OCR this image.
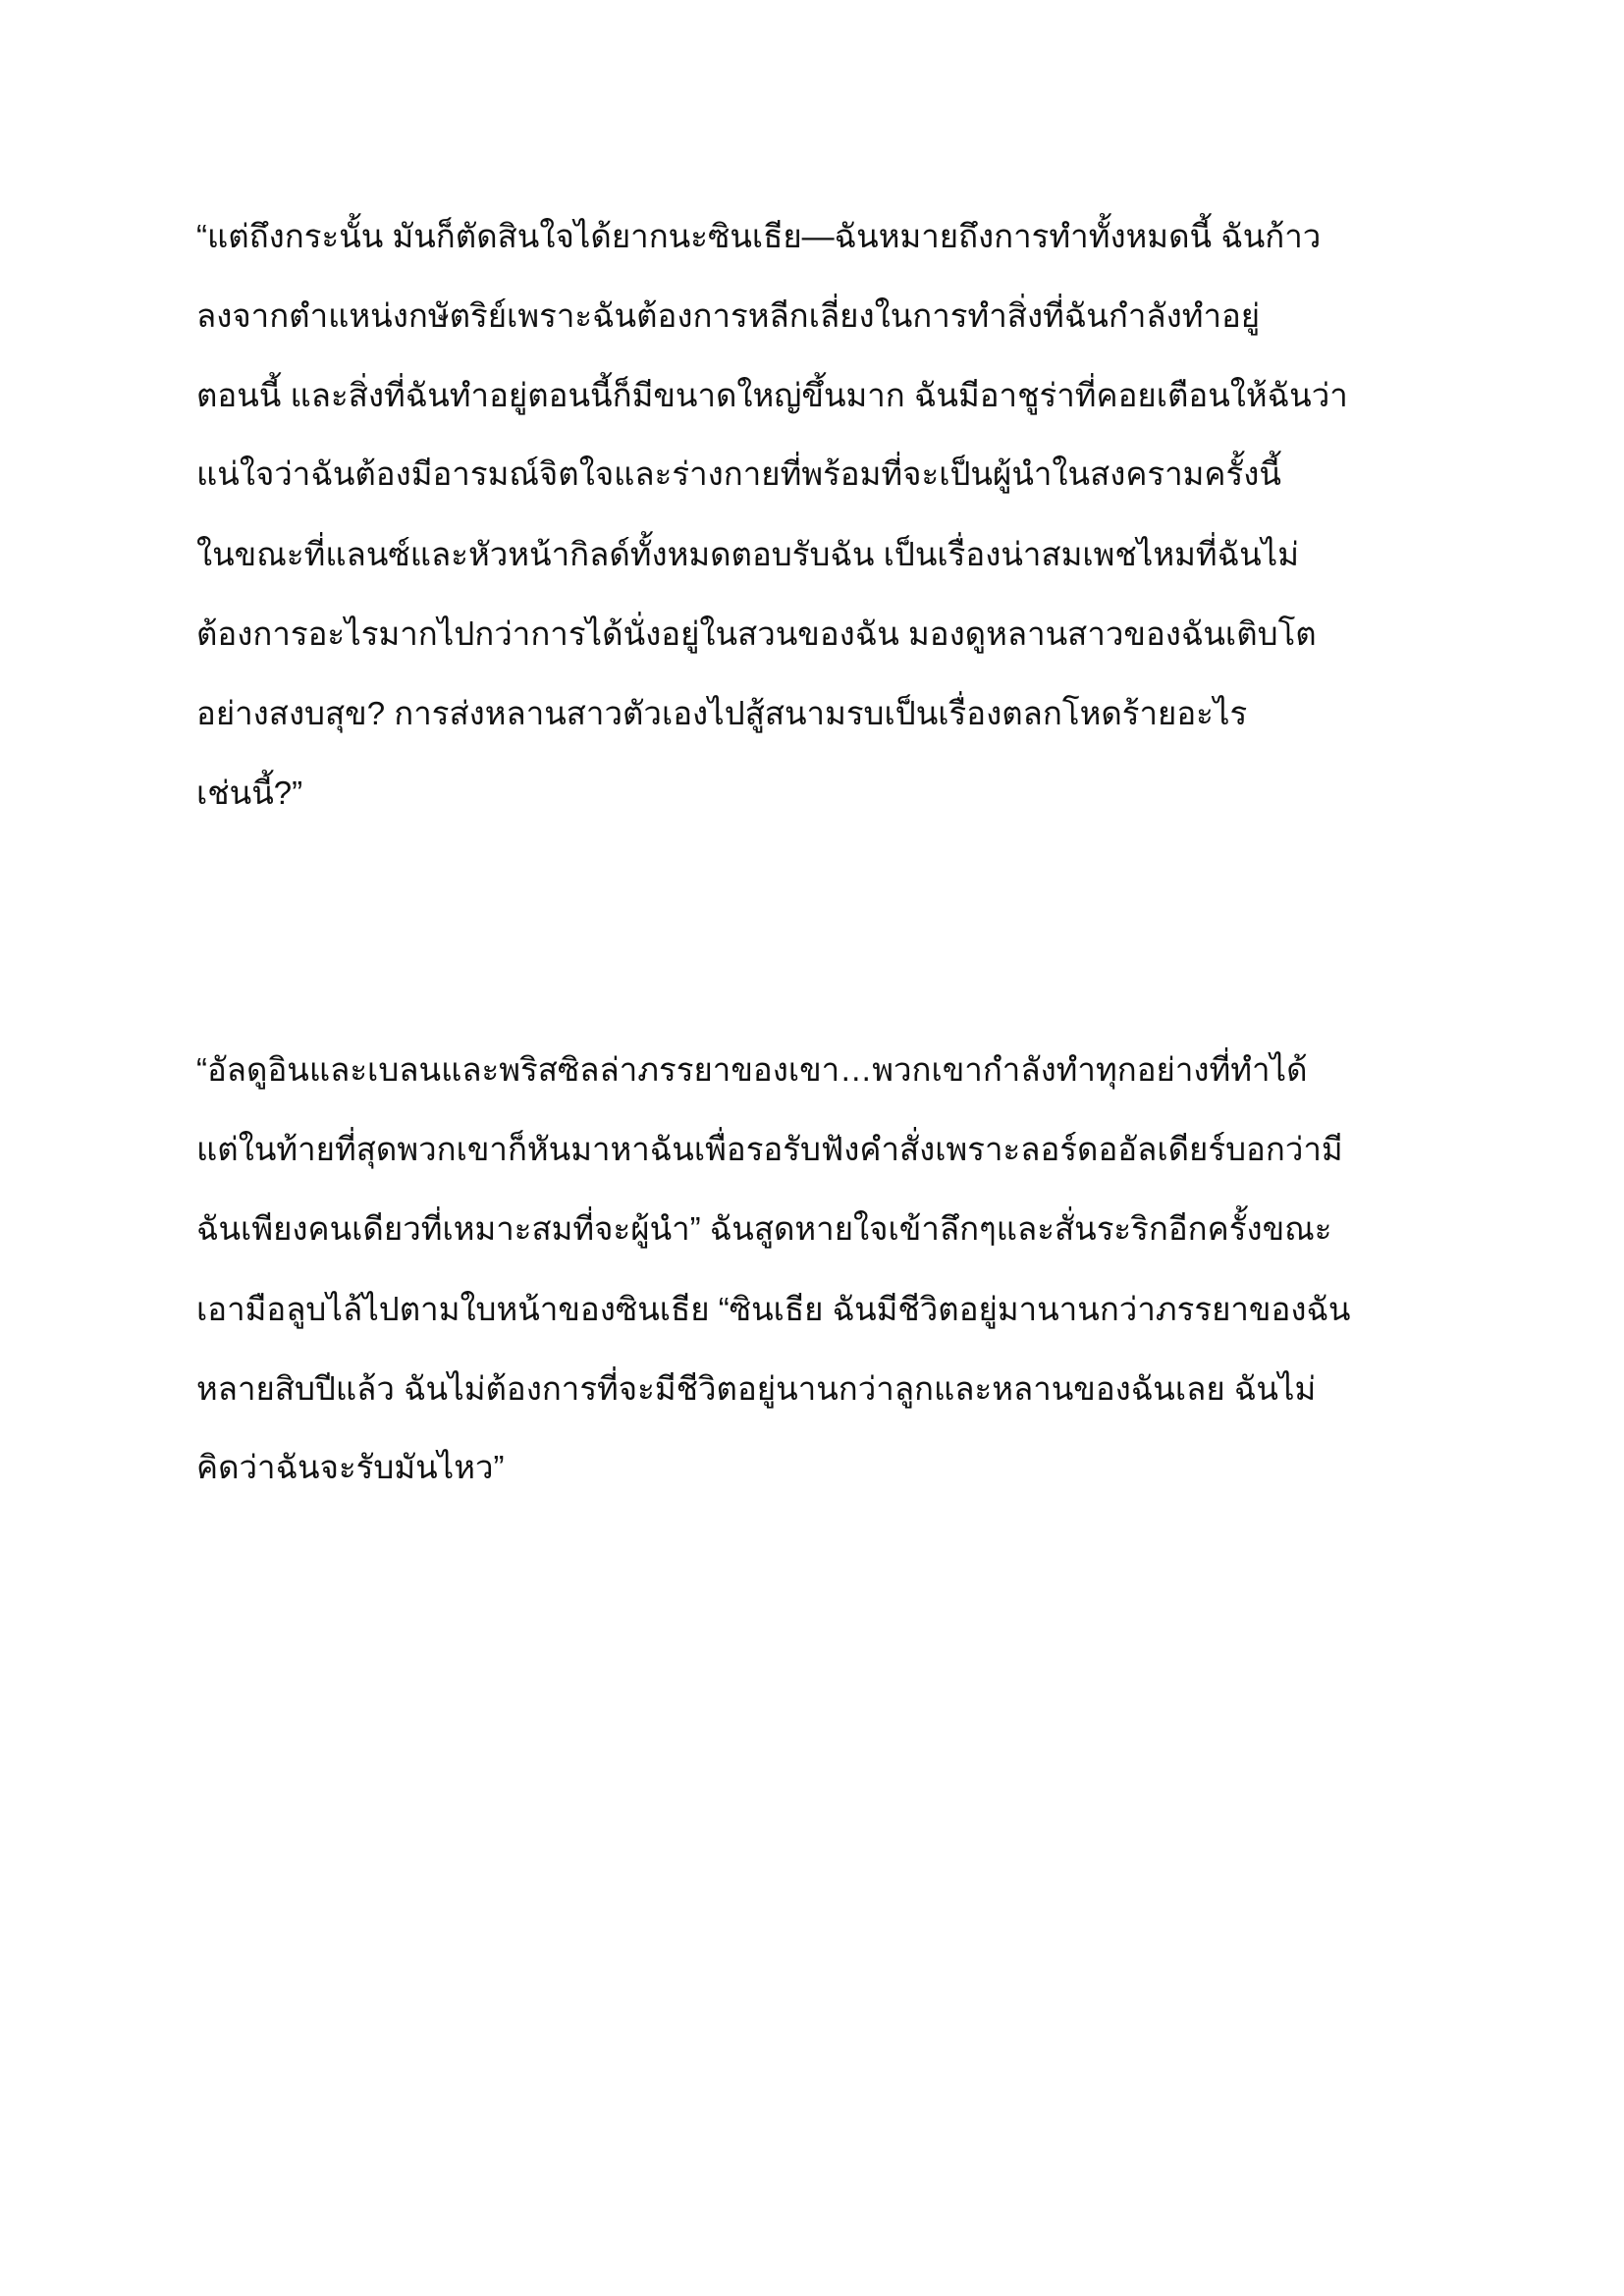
“แต่ถึงกระนั้น มันก็ตัดสินใจได้ยากนะซินเธีย—ฉันหมายถึงการทำทั้งหมดนี้ ฉันก้าว

ลงจากตำแหน่งกษัตริย์เพราะฉันต้องการหลีกเลี่ยงในการทำสิ่งที่ฉันกำลังทำอยู่

ตอนนี้ และสิ่งที่ฉันทำอยู่ตอนนี้ก็มีขนาดใหญ่ขึ้นมาก ฉันมีอาชูร่าที่คอยเตือนให้ฉันว่า

แน่ใจว่าฉันต้องมีอารมณ์จิตใจและร่างกายที่พร้อมที่จะเป็นผู้นำในสงครามครั้งนี้

ในขณะที่แลนซ์และหัวหน้ากิลด์ทั้งหมดตอบรับฉัน เป็นเรื่องน่าสมเพชไหมที่ฉันไม่

ต้องการอะไรมากไปกว่าการได้นั่งอยู่ในสวนของฉัน มองดูหลานสาวของฉันเติบโต

อย่างสงบสุข? การส่งหลานสาวตัวเองไปสู้สนามรบเป็นเรื่องตลกโหดร้ายอะไร

เช่นนี้?”

“อัลดูอินและเบลนและพริสซิลล่าภรรยาของเขา…พวกเขากำลังทำทุกอย่างที่ทำได้

แต่ในท้ายที่สุดพวกเขาก็หันมาหาฉันเพื่อรอรับฟังคำสั่งเพราะลอร์ดออัลเดียร์บอกว่ามี

ฉันเพียงคนเดียวที่เหมาะสมที่จะผู้นำ” ฉันสูดหายใจเข้าลึกๆและสั่นระริกอีกครั้งขณะ

เอามือลูบไล้ไปตามใบหน้าของซินเธีย “ซินเธีย ฉันมีชีวิตอยู่มานานกว่าภรรยาของฉัน

หลายสิบปีแล้ว ฉันไม่ต้องการที่จะมีชีวิตอยู่นานกว่าลูกและหลานของฉันเลย ฉันไม่

คิดว่าฉันจะรับมันไหว”
